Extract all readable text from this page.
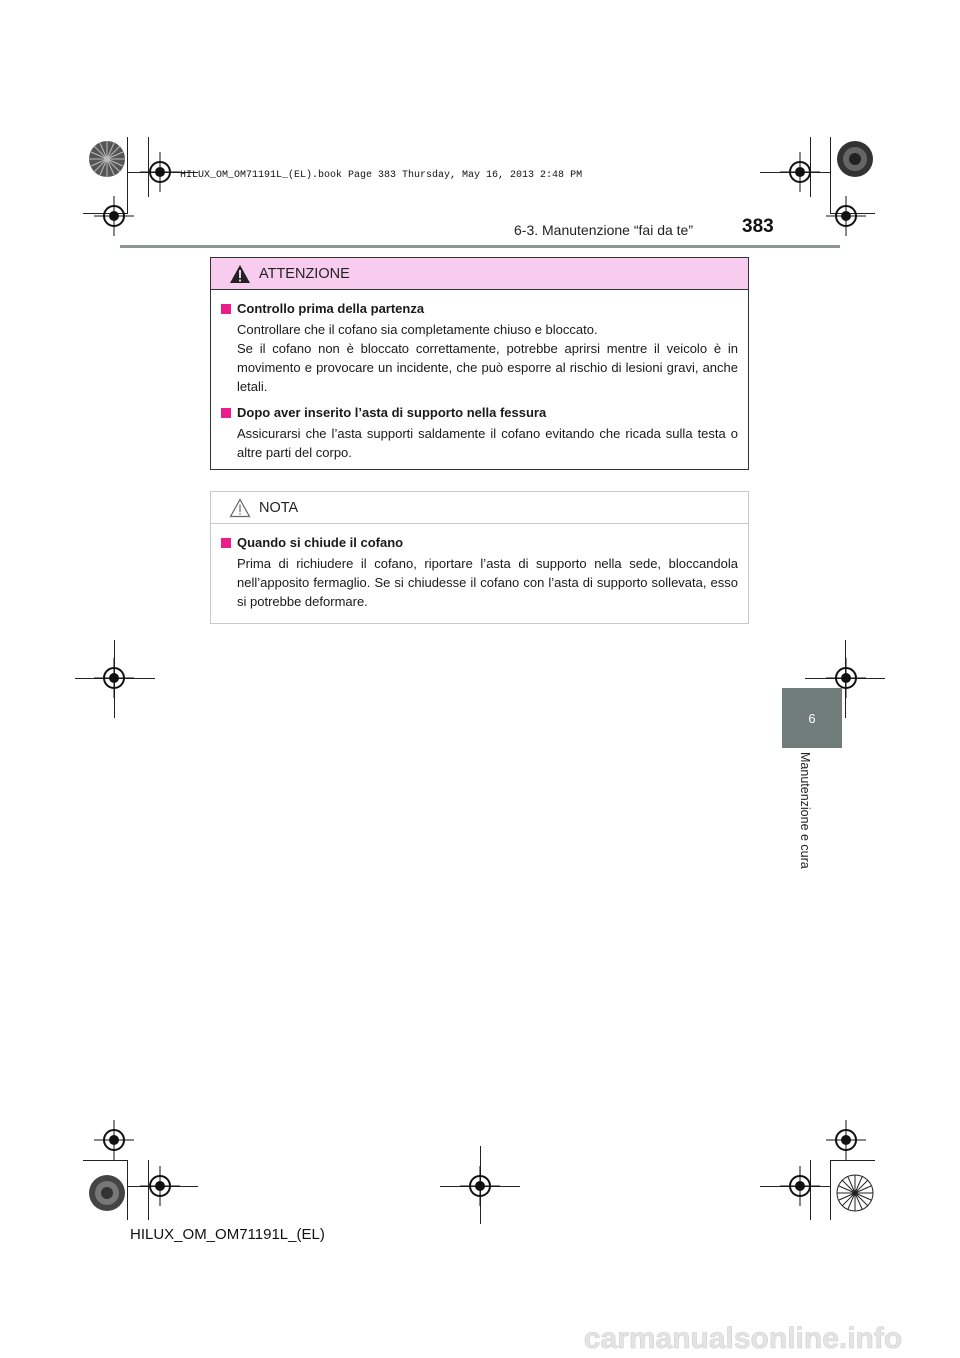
HILUX_OM_OM71191L_(EL).book Page 383 Thursday, May 16, 2013 2:48 PM
6-3. Manutenzione “fai da te”	383
6
Manutenzione e cura
ATTENZIONE
Controllo prima della partenza

Controllare che il cofano sia completamente chiuso e bloccato.

Se il cofano non è bloccato correttamente, potrebbe aprirsi mentre il veicolo è in movimento e provocare un incidente, che può esporre al rischio di lesioni gravi, anche letali.

Dopo aver inserito l’asta di supporto nella fessura

Assicurarsi che l’asta supporti saldamente il cofano evitando che ricada sulla testa o altre parti del corpo.

NOTA
Quando si chiude il cofano

Prima di richiudere il cofano, riportare l’asta di supporto nella sede, bloccandola nell’apposito fermaglio. Se si chiudesse il cofano con l’asta di supporto sollevata, esso si potrebbe deformare.

HILUX_OM_OM71191L_(EL)
carmanualsonline.info
